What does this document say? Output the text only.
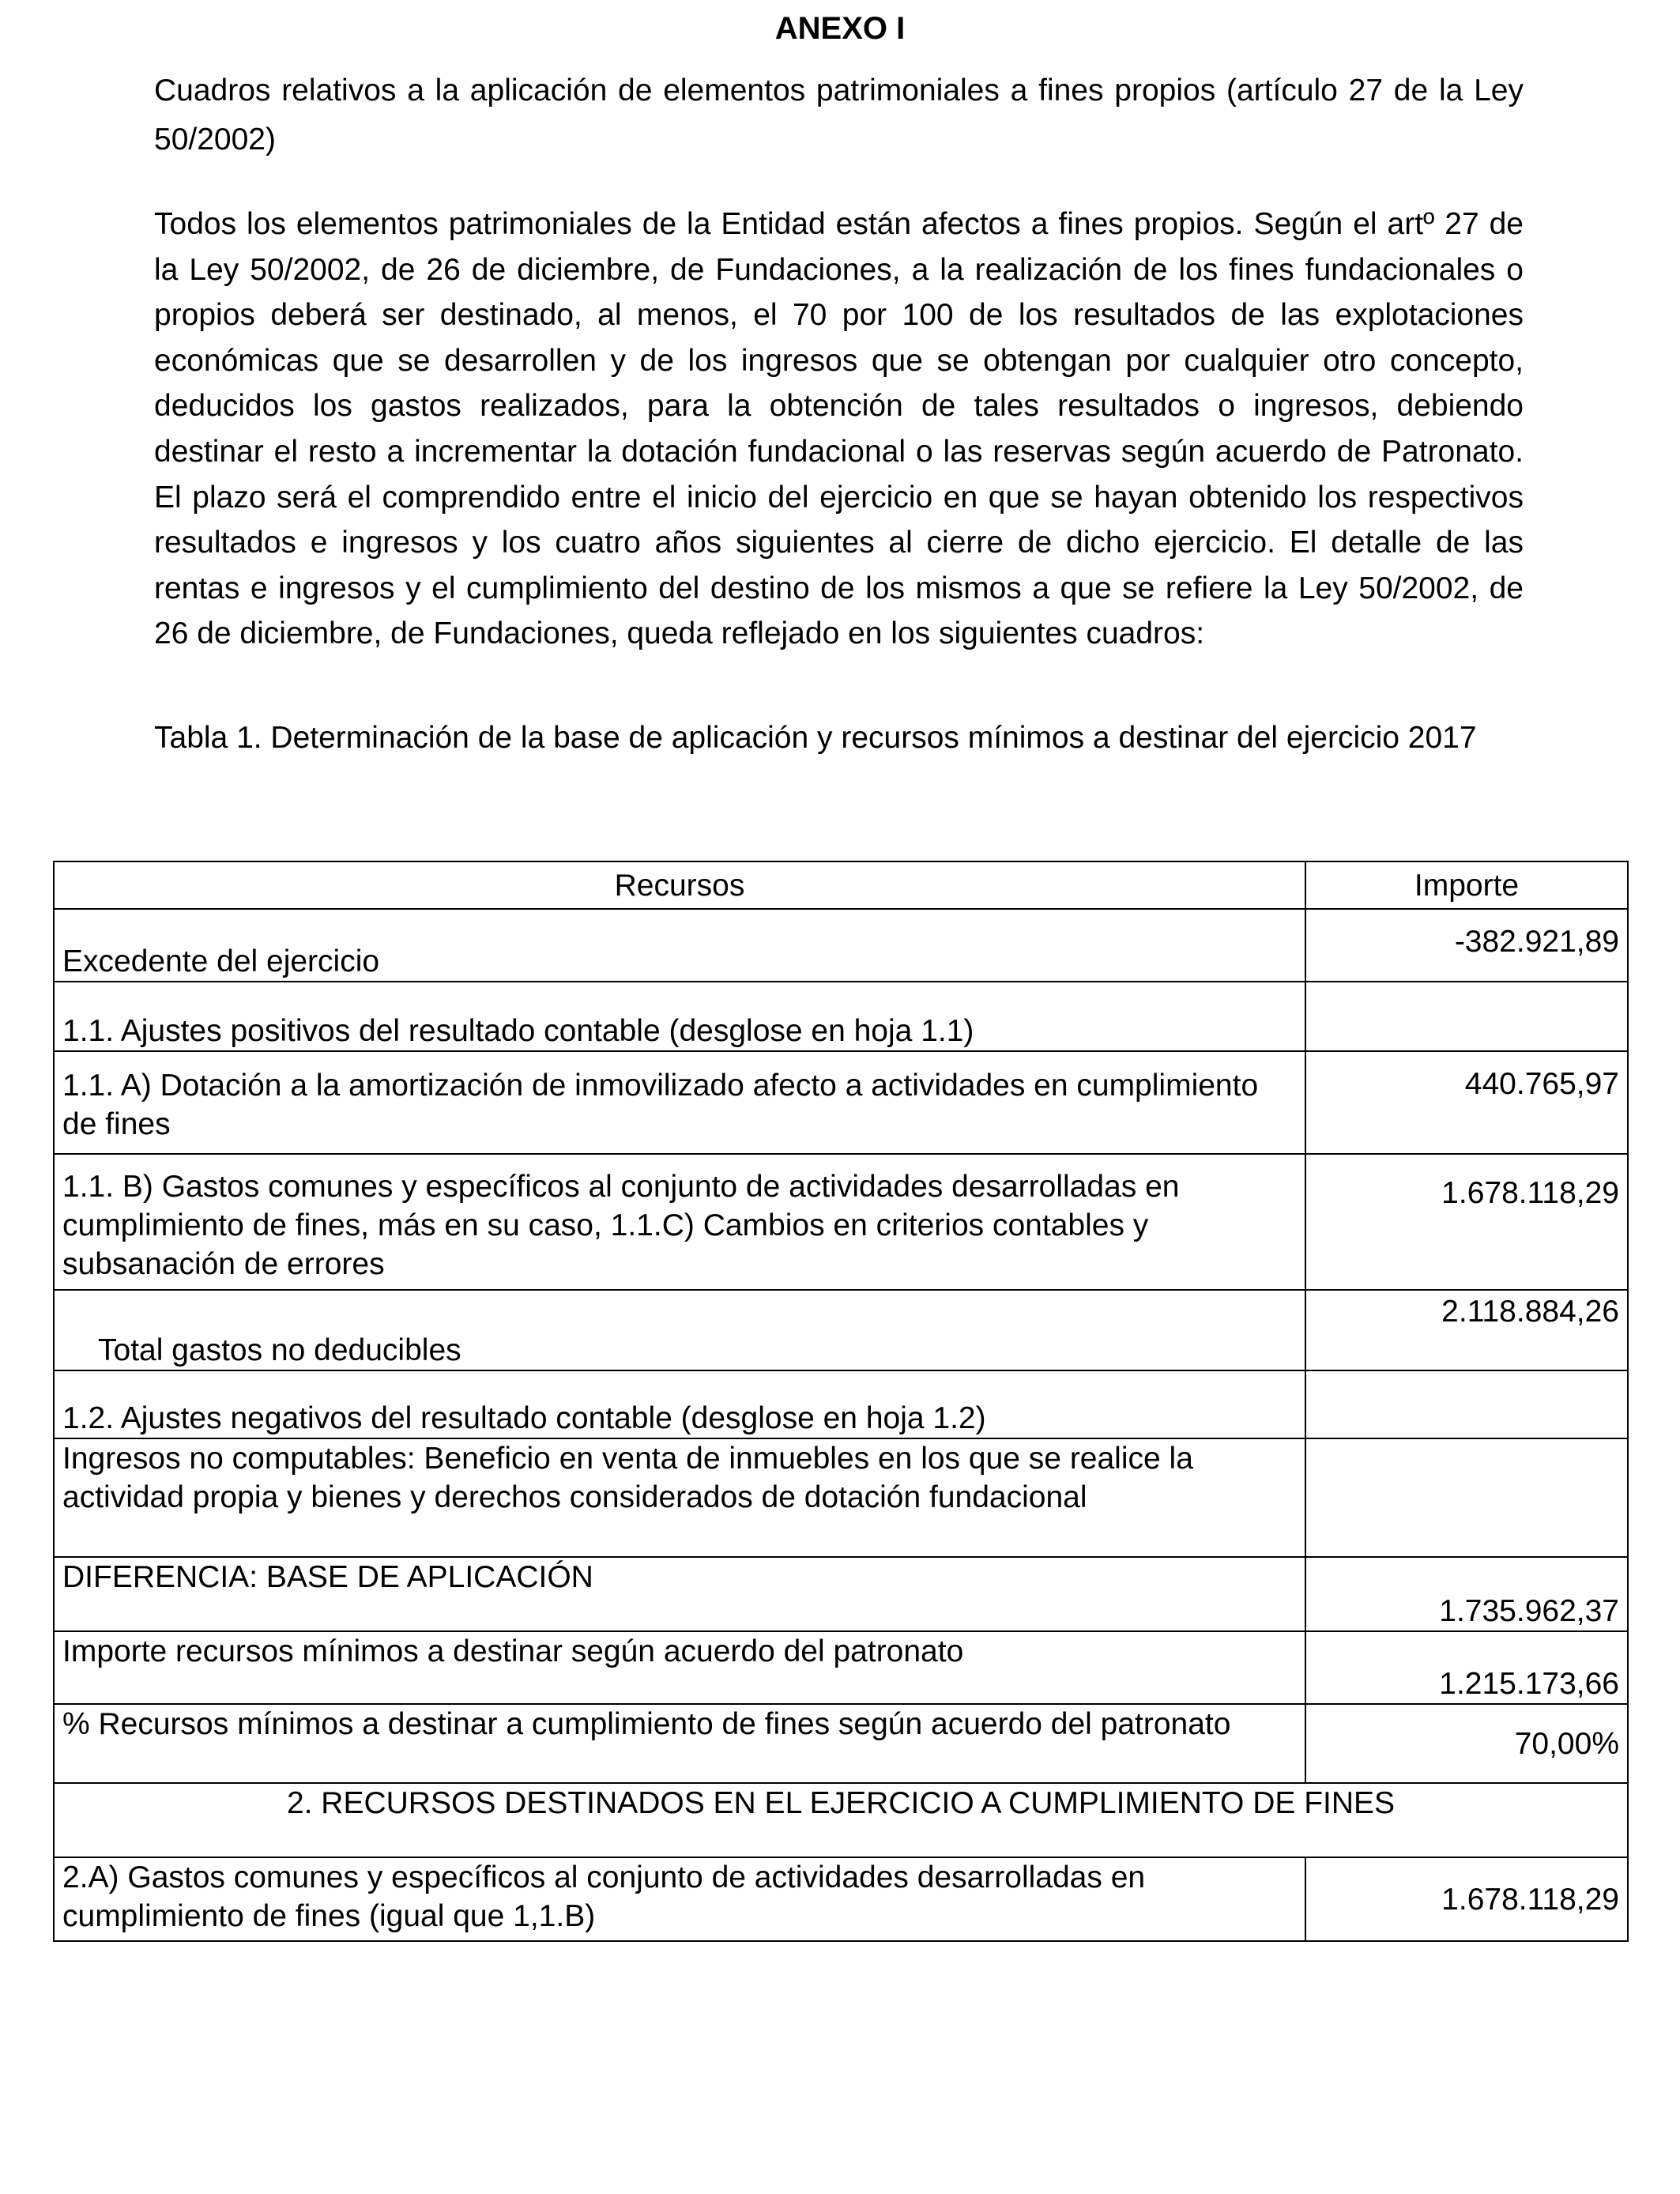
ANEXO I
Cuadros relativos a la aplicación de elementos patrimoniales a fines propios (artículo 27 de la Ley 50/2002)
Todos los elementos patrimoniales de la Entidad están afectos a fines propios. Según el artº 27 de la Ley 50/2002, de 26 de diciembre, de Fundaciones, a la realización de los fines fundacionales o propios deberá ser destinado, al menos, el 70 por 100 de los resultados de las explotaciones económicas que se desarrollen y de los ingresos que se obtengan por cualquier otro concepto, deducidos los gastos realizados, para la obtención de tales resultados o ingresos, debiendo destinar el resto a incrementar la dotación fundacional o las reservas según acuerdo de Patronato. El plazo será el comprendido entre el inicio del ejercicio en que se hayan obtenido los respectivos resultados e ingresos y los cuatro años siguientes al cierre de dicho ejercicio. El detalle de las rentas e ingresos y el cumplimiento del destino de los mismos a que se refiere la Ley 50/2002, de 26 de diciembre, de Fundaciones, queda reflejado en los siguientes cuadros:
Tabla 1. Determinación de la base de aplicación y recursos mínimos a destinar del ejercicio 2017
Recursos	Importe
Excedente del ejercicio	-382.921,89
1.1. Ajustes positivos del resultado contable (desglose en hoja 1.1)	
1.1. A) Dotación a la amortización de inmovilizado afecto a actividades en cumplimiento de fines	440.765,97
1.1. B) Gastos comunes y específicos al conjunto de actividades desarrolladas en cumplimiento de fines, más en su caso, 1.1.C) Cambios en criterios contables y subsanación de errores	1.678.118,29
Total gastos no deducibles	2.118.884,26
1.2. Ajustes negativos del resultado contable (desglose en hoja 1.2)	
Ingresos no computables: Beneficio en venta de inmuebles en los que se realice la actividad propia y bienes y derechos considerados de dotación fundacional	
DIFERENCIA: BASE DE APLICACIÓN	1.735.962,37
Importe recursos mínimos a destinar según acuerdo del patronato	1.215.173,66
% Recursos mínimos a destinar a cumplimiento de fines según acuerdo del patronato	70,00%
2. RECURSOS DESTINADOS EN EL EJERCICIO A CUMPLIMIENTO DE FINES	
2.A) Gastos comunes y específicos al conjunto de actividades desarrolladas en cumplimiento de fines (igual que 1,1.B)	1.678.118,29
